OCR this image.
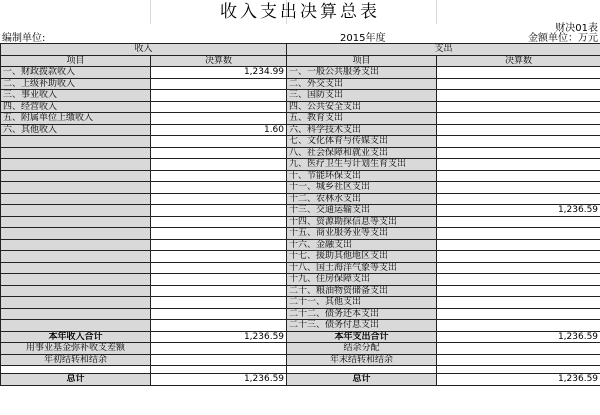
收入支出决算总表
财决01表
编制单位:	2015年度	金额单位：万元
收入		支出	
项目	决算数	项目	决算数
一、财政拨款收入	1,234.99	一、一般公共服务支出	
二、上级补助收入		二、外交支出	
三、事业收入		三、国防支出	
四、经营收入		四、公共安全支出	
五、附属单位上缴收入		五、教育支出	
六、其他收入	1.60	六、科学技术支出	
		七、文化体育与传媒支出	
		八、社会保障和就业支出	
		九、医疗卫生与计划生育支出	
		十、节能环保支出	
		十一、城乡社区支出	
		十二、农林水支出	
		十三、交通运输支出	1,236.59
		十四、资源勘探信息等支出	
		十五、商业服务业等支出	
		十六、金融支出	
		十七、援助其他地区支出	
		十八、国土海洋气象等支出	
		十九、住房保障支出	
		二十、粮油物资储备支出	
		二十一、其他支出	
		二十二、债务还本支出	
		二十三、债务付息支出	
本年收入合计	1,236.59	本年支出合计	1,236.59
用事业基金弥补收支差额		结余分配	
年初结转和结余		年末结转和结余	

总计	1,236.59	总计	1,236.59
